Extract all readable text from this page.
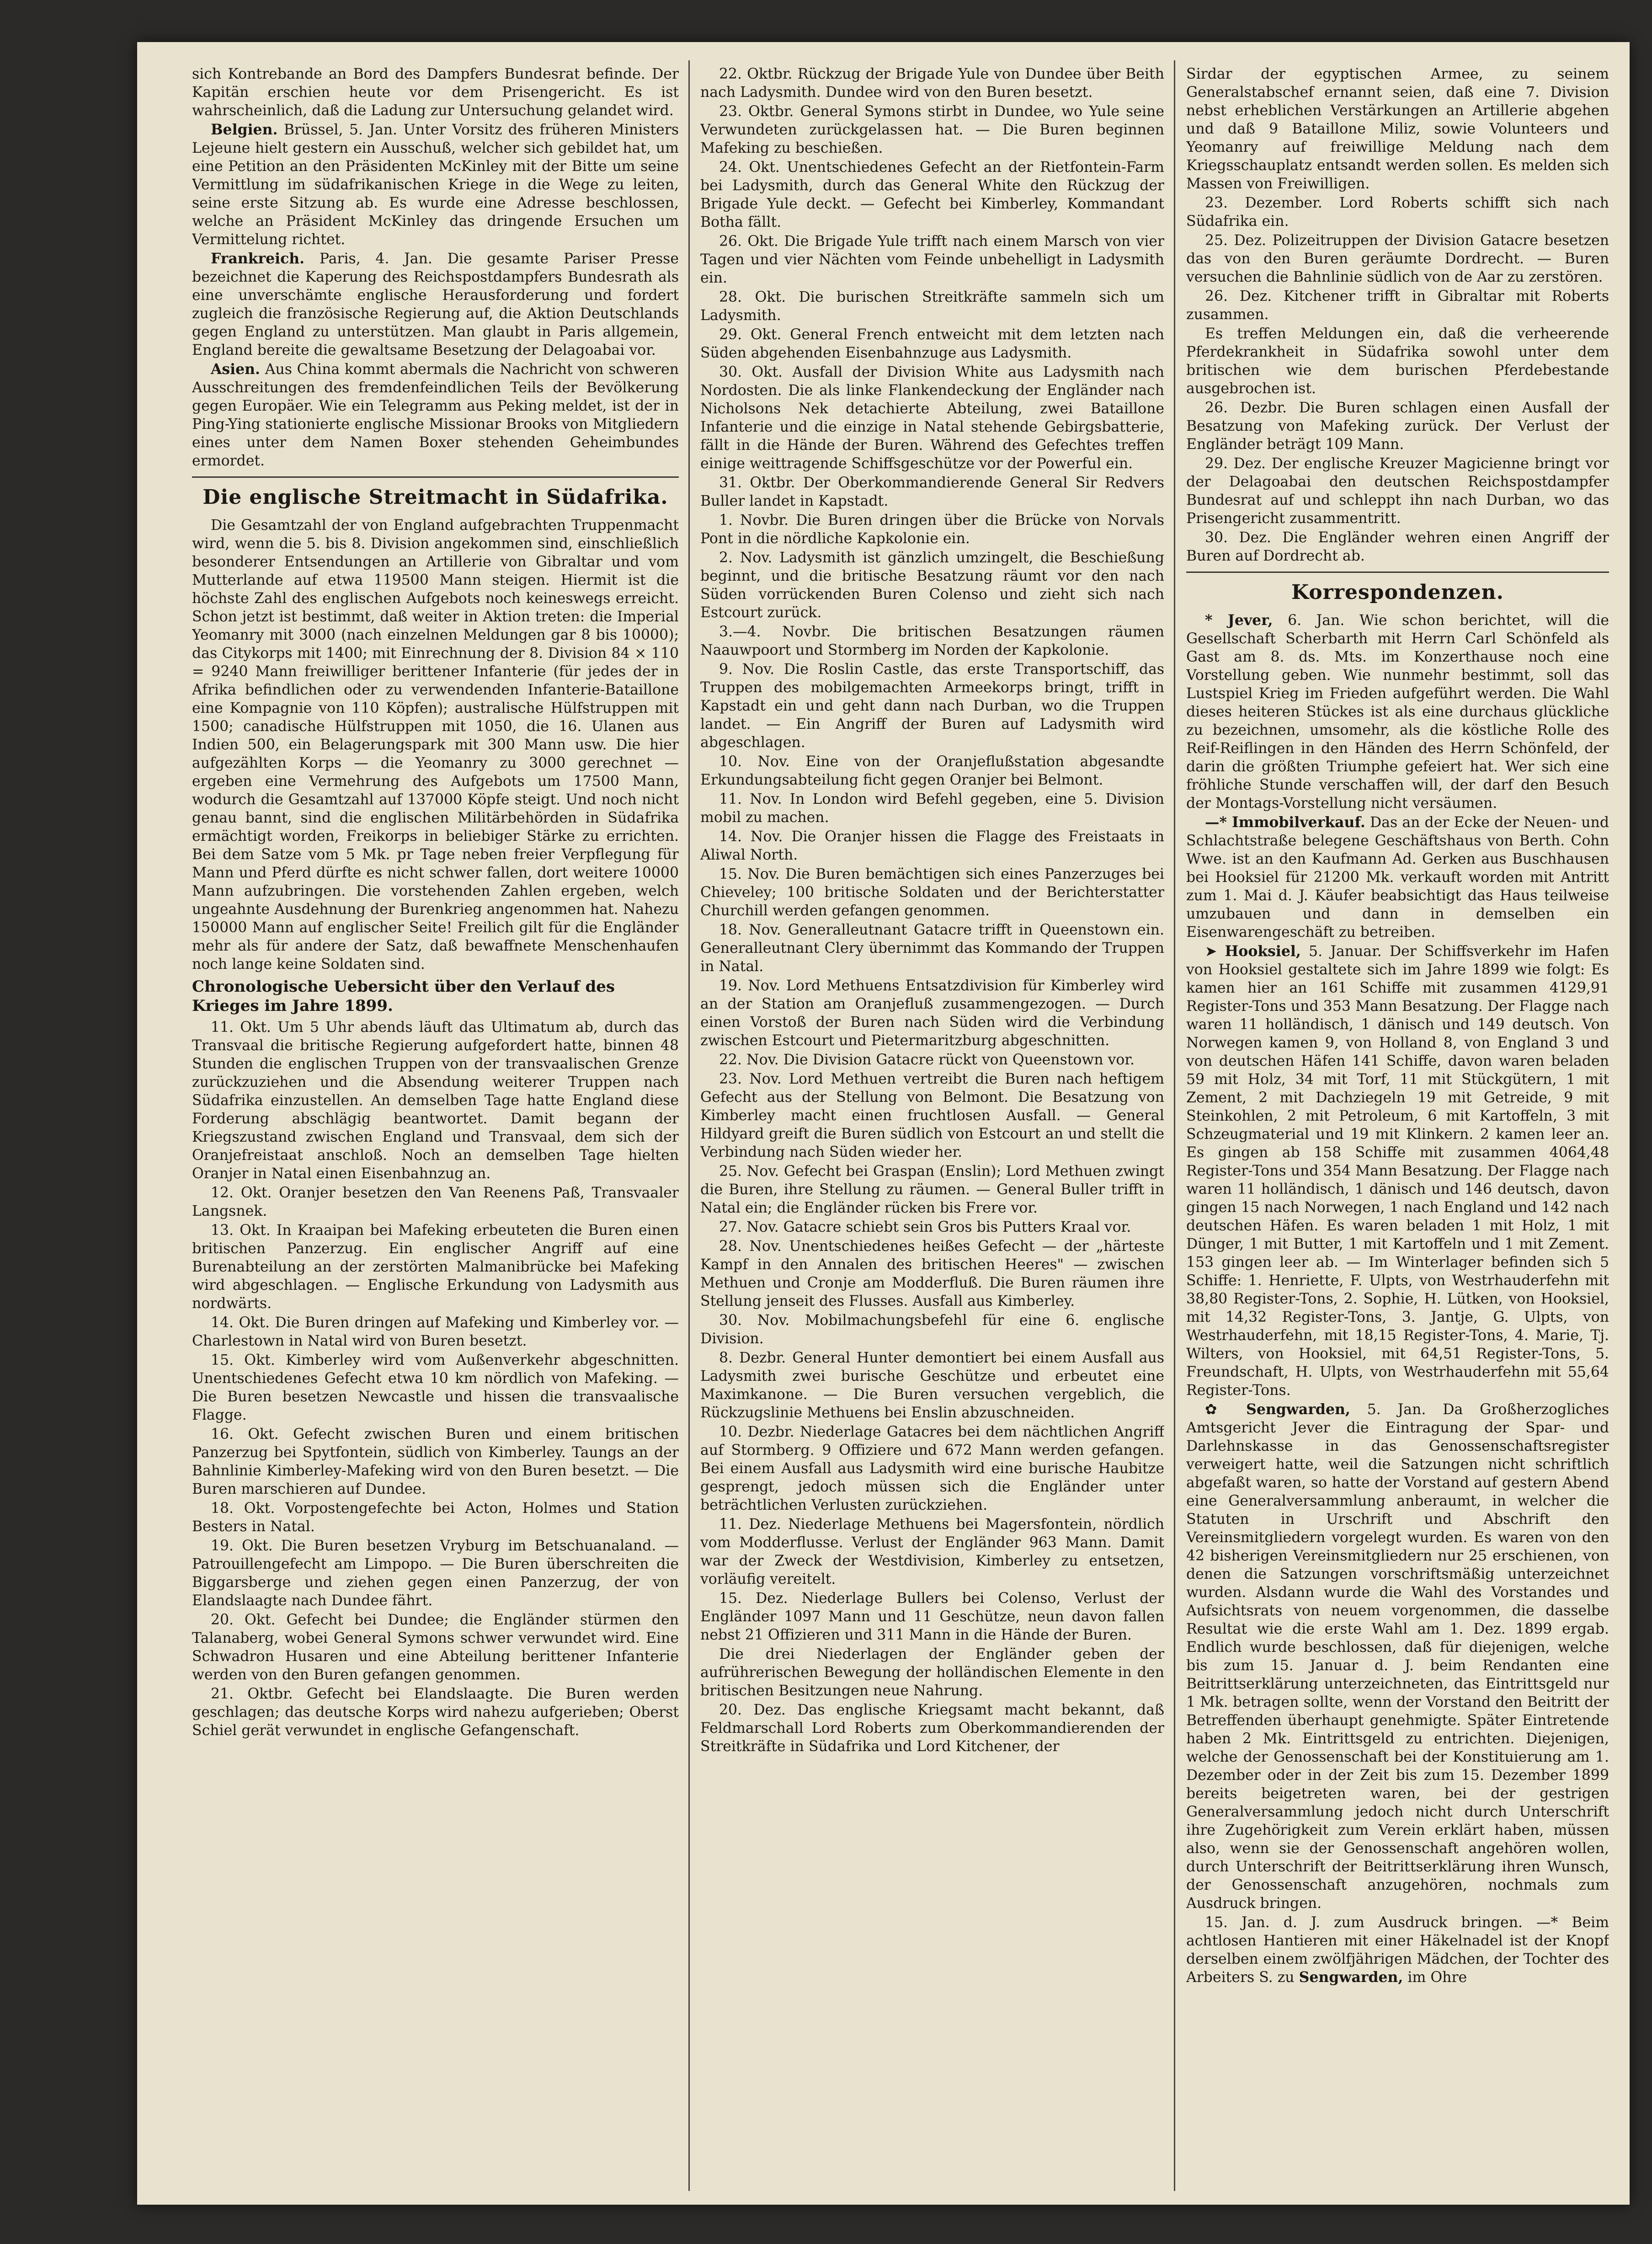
sich Kontrebande an Bord des Dampfers Bundesrat befinde. Der Kapitän erschien heute vor dem Prisengericht. Es ist wahrscheinlich, daß die Ladung zur Untersuchung gelandet wird.

Belgien. Brüssel, 5. Jan. Unter Vorsitz des früheren Ministers Lejeune hielt gestern ein Ausschuß, welcher sich gebildet hat, um eine Petition an den Präsidenten McKinley mit der Bitte um seine Vermittlung im südafrikanischen Kriege in die Wege zu leiten, seine erste Sitzung ab. Es wurde eine Adresse beschlossen, welche an Präsident McKinley das dringende Ersuchen um Vermittelung richtet.

Frankreich. Paris, 4. Jan. Die gesamte Pariser Presse bezeichnet die Kaperung des Reichspostdampfers Bundesrath als eine unverschämte englische Herausforderung und fordert zugleich die französische Regierung auf, die Aktion Deutschlands gegen England zu unterstützen. Man glaubt in Paris allgemein, England bereite die gewaltsame Besetzung der Delagoabai vor.

Asien. Aus China kommt abermals die Nachricht von schweren Ausschreitungen des fremdenfeindlichen Teils der Bevölkerung gegen Europäer. Wie ein Telegramm aus Peking meldet, ist der in Ping-Ying stationierte englische Missionar Brooks von Mitgliedern eines unter dem Namen Boxer stehenden Geheimbundes ermordet.

Die englische Streitmacht in Südafrika.

Die Gesamtzahl der von England aufgebrachten Truppenmacht wird, wenn die 5. bis 8. Division angekommen sind, einschließlich besonderer Entsendungen an Artillerie von Gibraltar und vom Mutterlande auf etwa 119500 Mann steigen. Hiermit ist die höchste Zahl des englischen Aufgebots noch keineswegs erreicht. Schon jetzt ist bestimmt, daß weiter in Aktion treten: die Imperial Yeomanry mit 3000 (nach einzelnen Meldungen gar 8 bis 10000); das Citykorps mit 1400; mit Einrechnung der 8. Division 84 × 110 = 9240 Mann freiwilliger berittener Infanterie (für jedes der in Afrika befindlichen oder zu verwendenden Infanterie-Bataillone eine Kompagnie von 110 Köpfen); australische Hülfstruppen mit 1500; canadische Hülfstruppen mit 1050, die 16. Ulanen aus Indien 500, ein Belagerungspark mit 300 Mann usw. Die hier aufgezählten Korps — die Yeomanry zu 3000 gerechnet — ergeben eine Vermehrung des Aufgebots um 17500 Mann, wodurch die Gesamtzahl auf 137000 Köpfe steigt. Und noch nicht genau bannt, sind die englischen Militärbehörden in Südafrika ermächtigt worden, Freikorps in beliebiger Stärke zu errichten. Bei dem Satze vom 5 Mk. pr Tage neben freier Verpflegung für Mann und Pferd dürfte es nicht schwer fallen, dort weitere 10000 Mann aufzubringen. Die vorstehenden Zahlen ergeben, welch ungeahnte Ausdehnung der Burenkrieg angenommen hat. Nahezu 150000 Mann auf englischer Seite! Freilich gilt für die Engländer mehr als für andere der Satz, daß bewaffnete Menschenhaufen noch lange keine Soldaten sind.

Chronologische Uebersicht über den Verlauf des Krieges im Jahre 1899.

11. Okt. Um 5 Uhr abends läuft das Ultimatum ab, durch das Transvaal die britische Regierung aufgefordert hatte, binnen 48 Stunden die englischen Truppen von der transvaalischen Grenze zurückzuziehen und die Absendung weiterer Truppen nach Südafrika einzustellen. An demselben Tage hatte England diese Forderung abschlägig beantwortet. Damit begann der Kriegszustand zwischen England und Transvaal, dem sich der Oranjefreistaat anschloß. Noch an demselben Tage hielten Oranjer in Natal einen Eisenbahnzug an.

12. Okt. Oranjer besetzen den Van Reenens Paß, Transvaaler Langsnek.

13. Okt. In Kraaipan bei Mafeking erbeuteten die Buren einen britischen Panzerzug. Ein englischer Angriff auf eine Burenabteilung an der zerstörten Malmanibrücke bei Mafeking wird abgeschlagen. — Englische Erkundung von Ladysmith aus nordwärts.

14. Okt. Die Buren dringen auf Mafeking und Kimberley vor. — Charlestown in Natal wird von Buren besetzt.

15. Okt. Kimberley wird vom Außenverkehr abgeschnitten. Unentschiedenes Gefecht etwa 10 km nördlich von Mafeking. — Die Buren besetzen Newcastle und hissen die transvaalische Flagge.

16. Okt. Gefecht zwischen Buren und einem britischen Panzerzug bei Spytfontein, südlich von Kimberley. Taungs an der Bahnlinie Kimberley-Mafeking wird von den Buren besetzt. — Die Buren marschieren auf Dundee.

18. Okt. Vorpostengefechte bei Acton, Holmes und Station Besters in Natal.

19. Okt. Die Buren besetzen Vryburg im Betschuanaland. — Patrouillengefecht am Limpopo. — Die Buren überschreiten die Biggarsberge und ziehen gegen einen Panzerzug, der von Elandslaagte nach Dundee fährt.

20. Okt. Gefecht bei Dundee; die Engländer stürmen den Talanaberg, wobei General Symons schwer verwundet wird. Eine Schwadron Husaren und eine Abteilung berittener Infanterie werden von den Buren gefangen genommen.

21. Oktbr. Gefecht bei Elandslaagte. Die Buren werden geschlagen; das deutsche Korps wird nahezu aufgerieben; Oberst Schiel gerät verwundet in englische Gefangenschaft.

22. Oktbr. Rückzug der Brigade Yule von Dundee über Beith nach Ladysmith. Dundee wird von den Buren besetzt.

23. Oktbr. General Symons stirbt in Dundee, wo Yule seine Verwundeten zurückgelassen hat. — Die Buren beginnen Mafeking zu beschießen.

24. Okt. Unentschiedenes Gefecht an der Rietfontein-Farm bei Ladysmith, durch das General White den Rückzug der Brigade Yule deckt. — Gefecht bei Kimberley, Kommandant Botha fällt.

26. Okt. Die Brigade Yule trifft nach einem Marsch von vier Tagen und vier Nächten vom Feinde unbehelligt in Ladysmith ein.

28. Okt. Die burischen Streitkräfte sammeln sich um Ladysmith.

29. Okt. General French entweicht mit dem letzten nach Süden abgehenden Eisenbahnzuge aus Ladysmith.

30. Okt. Ausfall der Division White aus Ladysmith nach Nordosten. Die als linke Flankendeckung der Engländer nach Nicholsons Nek detachierte Abteilung, zwei Bataillone Infanterie und die einzige in Natal stehende Gebirgsbatterie, fällt in die Hände der Buren. Während des Gefechtes treffen einige weittragende Schiffsgeschütze vor der Powerful ein.

31. Oktbr. Der Oberkommandierende General Sir Redvers Buller landet in Kapstadt.

1. Novbr. Die Buren dringen über die Brücke von Norvals Pont in die nördliche Kapkolonie ein.

2. Nov. Ladysmith ist gänzlich umzingelt, die Beschießung beginnt, und die britische Besatzung räumt vor den nach Süden vorrückenden Buren Colenso und zieht sich nach Estcourt zurück.

3.—4. Novbr. Die britischen Besatzungen räumen Naauwpoort und Stormberg im Norden der Kapkolonie.

9. Nov. Die Roslin Castle, das erste Transportschiff, das Truppen des mobilgemachten Armeekorps bringt, trifft in Kapstadt ein und geht dann nach Durban, wo die Truppen landet. — Ein Angriff der Buren auf Ladysmith wird abgeschlagen.

10. Nov. Eine von der Oranjeflußstation abgesandte Erkundungsabteilung ficht gegen Oranjer bei Belmont.

11. Nov. In London wird Befehl gegeben, eine 5. Division mobil zu machen.

14. Nov. Die Oranjer hissen die Flagge des Freistaats in Aliwal North.

15. Nov. Die Buren bemächtigen sich eines Panzerzuges bei Chieveley; 100 britische Soldaten und der Berichterstatter Churchill werden gefangen genommen.

18. Nov. Generalleutnant Gatacre trifft in Queenstown ein. Generalleutnant Clery übernimmt das Kommando der Truppen in Natal.

19. Nov. Lord Methuens Entsatzdivision für Kimberley wird an der Station am Oranjefluß zusammengezogen. — Durch einen Vorstoß der Buren nach Süden wird die Verbindung zwischen Estcourt und Pietermaritzburg abgeschnitten.

22. Nov. Die Division Gatacre rückt von Queenstown vor.

23. Nov. Lord Methuen vertreibt die Buren nach heftigem Gefecht aus der Stellung von Belmont. Die Besatzung von Kimberley macht einen fruchtlosen Ausfall. — General Hildyard greift die Buren südlich von Estcourt an und stellt die Verbindung nach Süden wieder her.

25. Nov. Gefecht bei Graspan (Enslin); Lord Methuen zwingt die Buren, ihre Stellung zu räumen. — General Buller trifft in Natal ein; die Engländer rücken bis Frere vor.

27. Nov. Gatacre schiebt sein Gros bis Putters Kraal vor.

28. Nov. Unentschiedenes heißes Gefecht — der „härteste Kampf in den Annalen des britischen Heeres" — zwischen Methuen und Cronje am Modderfluß. Die Buren räumen ihre Stellung jenseit des Flusses. Ausfall aus Kimberley.

30. Nov. Mobilmachungsbefehl für eine 6. englische Division.

8. Dezbr. General Hunter demontiert bei einem Ausfall aus Ladysmith zwei burische Geschütze und erbeutet eine Maximkanone. — Die Buren versuchen vergeblich, die Rückzugslinie Methuens bei Enslin abzuschneiden.

10. Dezbr. Niederlage Gatacres bei dem nächtlichen Angriff auf Stormberg. 9 Offiziere und 672 Mann werden gefangen. Bei einem Ausfall aus Ladysmith wird eine burische Haubitze gesprengt, jedoch müssen sich die Engländer unter beträchtlichen Verlusten zurückziehen.

11. Dez. Niederlage Methuens bei Magersfontein, nördlich vom Modderflusse. Verlust der Engländer 963 Mann. Damit war der Zweck der Westdivision, Kimberley zu entsetzen, vorläufig vereitelt.

15. Dez. Niederlage Bullers bei Colenso, Verlust der Engländer 1097 Mann und 11 Geschütze, neun davon fallen nebst 21 Offizieren und 311 Mann in die Hände der Buren.

Die drei Niederlagen der Engländer geben der aufrührerischen Bewegung der holländischen Elemente in den britischen Besitzungen neue Nahrung.

20. Dez. Das englische Kriegsamt macht bekannt, daß Feldmarschall Lord Roberts zum Oberkommandierenden der Streitkräfte in Südafrika und Lord Kitchener, der

Sirdar der egyptischen Armee, zu seinem Generalstabschef ernannt seien, daß eine 7. Division nebst erheblichen Verstärkungen an Artillerie abgehen und daß 9 Bataillone Miliz, sowie Volunteers und Yeomanry auf freiwillige Meldung nach dem Kriegsschauplatz entsandt werden sollen. Es melden sich Massen von Freiwilligen.

23. Dezember. Lord Roberts schifft sich nach Südafrika ein.

25. Dez. Polizeitruppen der Division Gatacre besetzen das von den Buren geräumte Dordrecht. — Buren versuchen die Bahnlinie südlich von de Aar zu zerstören.

26. Dez. Kitchener trifft in Gibraltar mit Roberts zusammen.

Es treffen Meldungen ein, daß die verheerende Pferdekrankheit in Südafrika sowohl unter dem britischen wie dem burischen Pferdebestande ausgebrochen ist.

26. Dezbr. Die Buren schlagen einen Ausfall der Besatzung von Mafeking zurück. Der Verlust der Engländer beträgt 109 Mann.

29. Dez. Der englische Kreuzer Magicienne bringt vor der Delagoabai den deutschen Reichspostdampfer Bundesrat auf und schleppt ihn nach Durban, wo das Prisengericht zusammentritt.

30. Dez. Die Engländer wehren einen Angriff der Buren auf Dordrecht ab.

Korrespondenzen.

* Jever, 6. Jan. Wie schon berichtet, will die Gesellschaft Scherbarth mit Herrn Carl Schönfeld als Gast am 8. ds. Mts. im Konzerthause noch eine Vorstellung geben. Wie nunmehr bestimmt, soll das Lustspiel Krieg im Frieden aufgeführt werden. Die Wahl dieses heiteren Stückes ist als eine durchaus glückliche zu bezeichnen, umsomehr, als die köstliche Rolle des Reif-Reiflingen in den Händen des Herrn Schönfeld, der darin die größten Triumphe gefeiert hat. Wer sich eine fröhliche Stunde verschaffen will, der darf den Besuch der Montags-Vorstellung nicht versäumen.

—* Immobilverkauf. Das an der Ecke der Neuen- und Schlachtstraße belegene Geschäftshaus von Berth. Cohn Wwe. ist an den Kaufmann Ad. Gerken aus Buschhausen bei Hooksiel für 21200 Mk. verkauft worden mit Antritt zum 1. Mai d. J. Käufer beabsichtigt das Haus teilweise umzubauen und dann in demselben ein Eisenwarengeschäft zu betreiben.

➤ Hooksiel, 5. Januar. Der Schiffsverkehr im Hafen von Hooksiel gestaltete sich im Jahre 1899 wie folgt: Es kamen hier an 161 Schiffe mit zusammen 4129,91 Register-Tons und 353 Mann Besatzung. Der Flagge nach waren 11 holländisch, 1 dänisch und 149 deutsch. Von Norwegen kamen 9, von Holland 8, von England 3 und von deutschen Häfen 141 Schiffe, davon waren beladen 59 mit Holz, 34 mit Torf, 11 mit Stückgütern, 1 mit Zement, 2 mit Dachziegeln 19 mit Getreide, 9 mit Steinkohlen, 2 mit Petroleum, 6 mit Kartoffeln, 3 mit Schzeugmaterial und 19 mit Klinkern. 2 kamen leer an. Es gingen ab 158 Schiffe mit zusammen 4064,48 Register-Tons und 354 Mann Besatzung. Der Flagge nach waren 11 holländisch, 1 dänisch und 146 deutsch, davon gingen 15 nach Norwegen, 1 nach England und 142 nach deutschen Häfen. Es waren beladen 1 mit Holz, 1 mit Dünger, 1 mit Butter, 1 mit Kartoffeln und 1 mit Zement. 153 gingen leer ab. — Im Winterlager befinden sich 5 Schiffe: 1. Henriette, F. Ulpts, von Westrhauderfehn mit 38,80 Register-Tons, 2. Sophie, H. Lütken, von Hooksiel, mit 14,32 Register-Tons, 3. Jantje, G. Ulpts, von Westrhauderfehn, mit 18,15 Register-Tons, 4. Marie, Tj. Wilters, von Hooksiel, mit 64,51 Register-Tons, 5. Freundschaft, H. Ulpts, von Westrhauderfehn mit 55,64 Register-Tons.

✿ Sengwarden, 5. Jan. Da Großherzogliches Amtsgericht Jever die Eintragung der Spar- und Darlehnskasse in das Genossenschaftsregister verweigert hatte, weil die Satzungen nicht schriftlich abgefaßt waren, so hatte der Vorstand auf gestern Abend eine Generalversammlung anberaumt, in welcher die Statuten in Urschrift und Abschrift den Vereinsmitgliedern vorgelegt wurden. Es waren von den 42 bisherigen Vereinsmitgliedern nur 25 erschienen, von denen die Satzungen vorschriftsmäßig unterzeichnet wurden. Alsdann wurde die Wahl des Vorstandes und Aufsichtsrats von neuem vorgenommen, die dasselbe Resultat wie die erste Wahl am 1. Dez. 1899 ergab. Endlich wurde beschlossen, daß für diejenigen, welche bis zum 15. Januar d. J. beim Rendanten eine Beitrittserklärung unterzeichneten, das Eintrittsgeld nur 1 Mk. betragen sollte, wenn der Vorstand den Beitritt der Betreffenden überhaupt genehmigte. Später Eintretende haben 2 Mk. Eintrittsgeld zu entrichten. Diejenigen, welche der Genossenschaft bei der Konstituierung am 1. Dezember oder in der Zeit bis zum 15. Dezember 1899 bereits beigetreten waren, bei der gestrigen Generalversammlung jedoch nicht durch Unterschrift ihre Zugehörigkeit zum Verein erklärt haben, müssen also, wenn sie der Genossenschaft angehören wollen, durch Unterschrift der Beitrittserklärung ihren Wunsch, der Genossenschaft anzugehören, nochmals zum Ausdruck bringen.

15. Jan. d. J. zum Ausdruck bringen. —* Beim achtlosen Hantieren mit einer Häkelnadel ist der Knopf derselben einem zwölfjährigen Mädchen, der Tochter des Arbeiters S. zu Sengwarden, im Ohre
